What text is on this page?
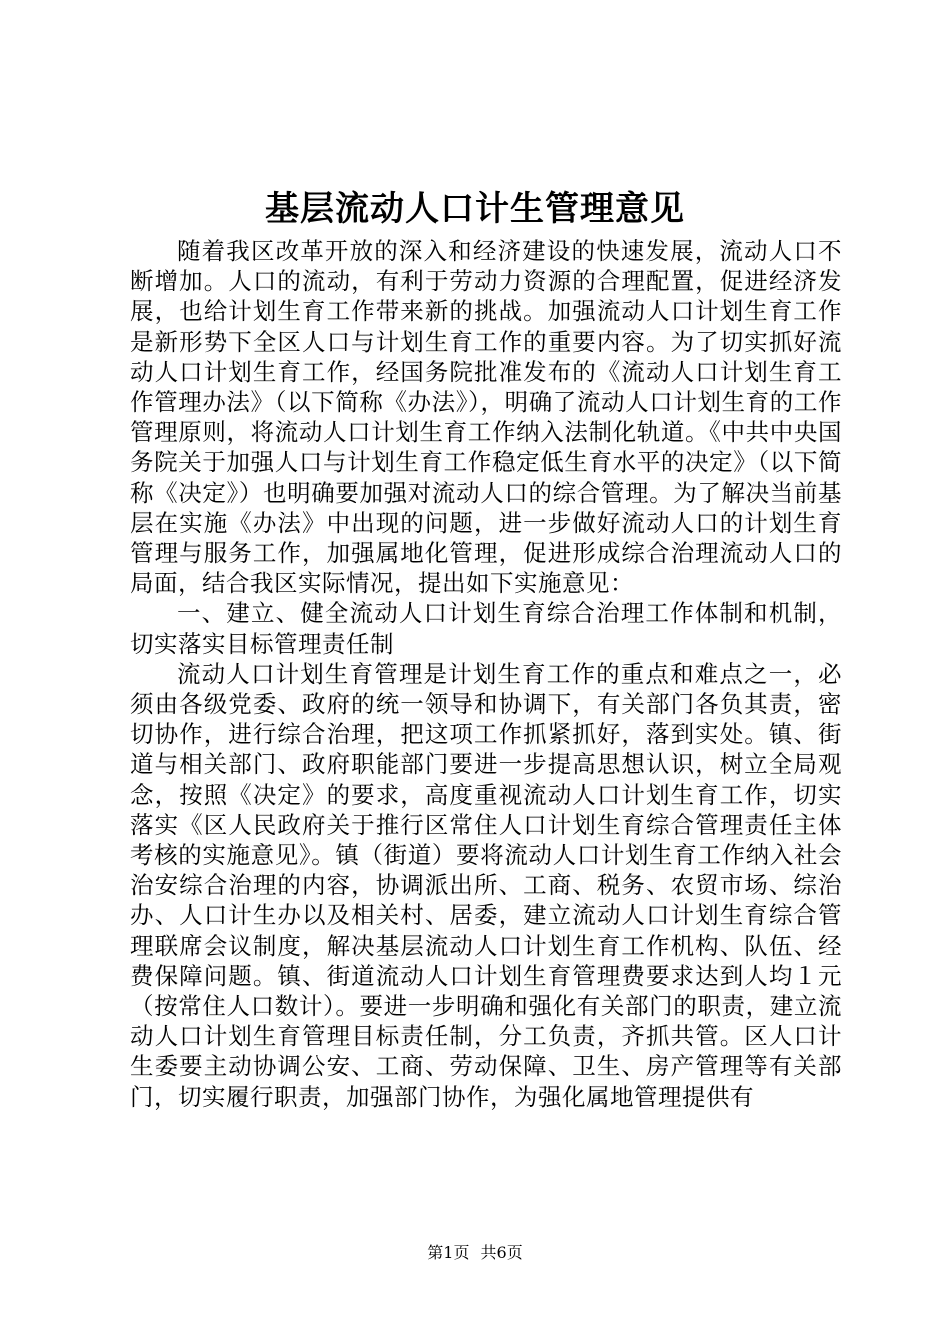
基层流动人口计生管理意见

随着我区改革开放的深入和经济建设的快速发展，流动人口不断增加。人口的流动，有利于劳动力资源的合理配置，促进经济发展，也给计划生育工作带来新的挑战。加强流动人口计划生育工作是新形势下全区人口与计划生育工作的重要内容。为了切实抓好流动人口计划生育工作，经国务院批准发布的《流动人口计划生育工作管理办法》（以下简称《办法》），明确了流动人口计划生育的工作管理原则，将流动人口计划生育工作纳入法制化轨道。《中共中央国务院关于加强人口与计划生育工作稳定低生育水平的决定》（以下简称《决定》）也明确要加强对流动人口的综合管理。为了解决当前基层在实施《办法》中出现的问题，进一步做好流动人口的计划生育管理与服务工作，加强属地化管理，促进形成综合治理流动人口的局面，结合我区实际情况，提出如下实施意见：

一、建立、健全流动人口计划生育综合治理工作体制和机制，切实落实目标管理责任制

流动人口计划生育管理是计划生育工作的重点和难点之一，必须由各级党委、政府的统一领导和协调下，有关部门各负其责，密切协作，进行综合治理，把这项工作抓紧抓好，落到实处。镇、街道与相关部门、政府职能部门要进一步提高思想认识，树立全局观念，按照《决定》的要求，高度重视流动人口计划生育工作，切实落实《区人民政府关于推行区常住人口计划生育综合管理责任主体考核的实施意见》。镇（街道）要将流动人口计划生育工作纳入社会治安综合治理的内容，协调派出所、工商、税务、农贸市场、综治办、人口计生办以及相关村、居委，建立流动人口计划生育综合管理联席会议制度，解决基层流动人口计划生育工作机构、队伍、经费保障问题。镇、街道流动人口计划生育管理费要求达到人均１元（按常住人口数计）。要进一步明确和强化有关部门的职责，建立流动人口计划生育管理目标责任制，分工负责，齐抓共管。区人口计生委要主动协调公安、工商、劳动保障、卫生、房产管理等有关部门，切实履行职责，加强部门协作，为强化属地管理提供有

第1页 共6页
